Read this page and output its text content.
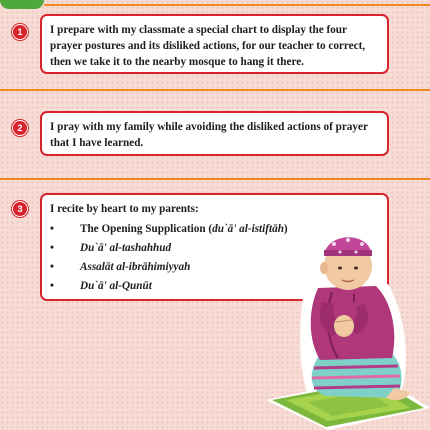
1	I prepare with my classmate a special chart to display the four prayer postures and its disliked actions, for our teacher to correct, then we take it to the nearby mosque to hang it there.
2	I pray with my family while avoiding the disliked actions of prayer that I have learned.
3	I recite by heart to my parents:
• The Opening Supplication (du`ā' al-istiftāh)
• Du`ā' al-tashahhud
• Assalāt al-ibrāhimiyyah
• Du`ā' al-Qunūt
